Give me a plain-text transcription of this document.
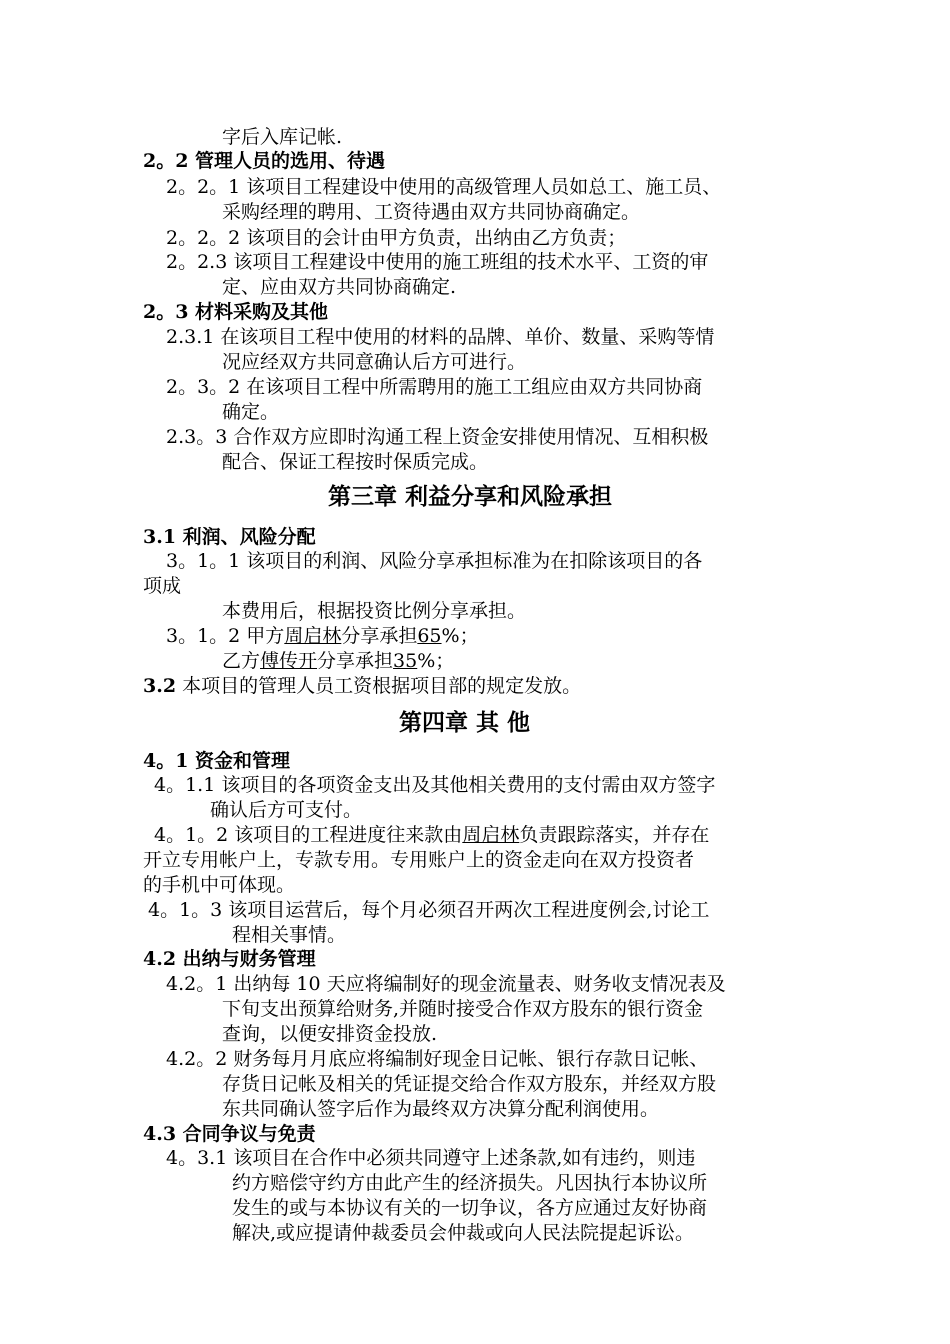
字后入库记帐.
2。2 管理人员的选用、待遇
2。2。1 该项目工程建设中使用的高级管理人员如总工、施工员、
采购经理的聘用、工资待遇由双方共同协商确定。
2。2。2 该项目的会计由甲方负责，出纳由乙方负责；
2。2.3 该项目工程建设中使用的施工班组的技术水平、工资的审
定、应由双方共同协商确定.
2。3 材料采购及其他
2.3.1 在该项目工程中使用的材料的品牌、单价、数量、采购等情
况应经双方共同意确认后方可进行。
2。3。2 在该项目工程中所需聘用的施工工组应由双方共同协商
确定。
2.3。3 合作双方应即时沟通工程上资金安排使用情况、互相积极
配合、保证工程按时保质完成。
第三章 利益分享和风险承担
3.1 利润、风险分配
3。1。1 该项目的利润、风险分享承担标准为在扣除该项目的各
项成
本费用后，根据投资比例分享承担。
3。1。2 甲方周启林分享承担65%；
乙方傅传开分享承担35%；
3.2 本项目的管理人员工资根据项目部的规定发放。
第四章 其 他
4。1 资金和管理
4。1.1 该项目的各项资金支出及其他相关费用的支付需由双方签字
确认后方可支付。
4。1。2 该项目的工程进度往来款由周启林负责跟踪落实，并存在
开立专用帐户上，专款专用。专用账户上的资金走向在双方投资者
的手机中可体现。
4。1。3 该项目运营后，每个月必须召开两次工程进度例会,讨论工
程相关事情。
4.2 出纳与财务管理
4.2。1 出纳每 10 天应将编制好的现金流量表、财务收支情况表及
下旬支出预算给财务,并随时接受合作双方股东的银行资金
查询，以便安排资金投放.
4.2。2 财务每月月底应将编制好现金日记帐、银行存款日记帐、
存货日记帐及相关的凭证提交给合作双方股东，并经双方股
东共同确认签字后作为最终双方决算分配利润使用。
4.3 合同争议与免责
4。3.1 该项目在合作中必须共同遵守上述条款,如有违约，则违
约方赔偿守约方由此产生的经济损失。凡因执行本协议所
发生的或与本协议有关的一切争议，各方应通过友好协商
解决,或应提请仲裁委员会仲裁或向人民法院提起诉讼。
